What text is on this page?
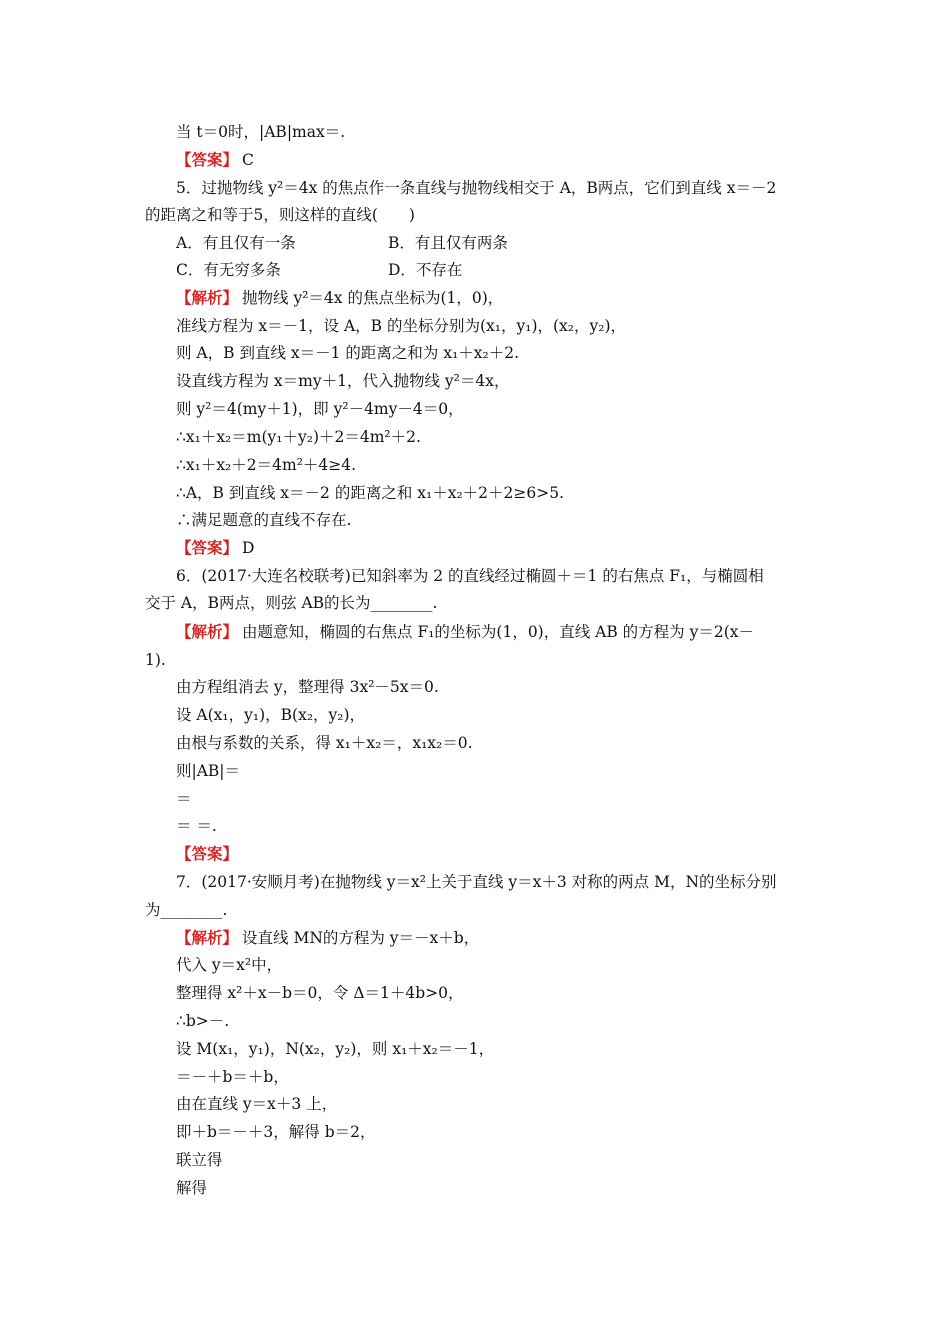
当 t＝0时，|AB|max＝.
【答案】 C
5．过抛物线 y²＝4x 的焦点作一条直线与抛物线相交于 A，B两点，它们到直线 x＝－2
的距离之和等于5，则这样的直线(　　)
A．有且仅有一条	B．有且仅有两条
C．有无穷多条	D．不存在
【解析】 抛物线 y²＝4x 的焦点坐标为(1，0)，
准线方程为 x＝－1，设 A，B 的坐标分别为(x₁，y₁)，(x₂，y₂)，
则 A，B 到直线 x＝－1 的距离之和为 x₁＋x₂＋2.
设直线方程为 x＝my＋1，代入抛物线 y²＝4x，
则 y²＝4(my＋1)，即 y²－4my－4＝0，
∴x₁＋x₂＝m(y₁＋y₂)＋2＝4m²＋2.
∴x₁＋x₂＋2＝4m²＋4≥4.
∴A，B 到直线 x＝－2 的距离之和 x₁＋x₂＋2＋2≥6>5.
∴满足题意的直线不存在.
【答案】 D
6．(2017·大连名校联考)已知斜率为 2 的直线经过椭圆＋＝1 的右焦点 F₁，与椭圆相
交于 A，B两点，则弦 AB的长为________.
【解析】 由题意知，椭圆的右焦点 F₁的坐标为(1，0)，直线 AB 的方程为 y＝2(x－
1).
由方程组消去 y，整理得 3x²－5x＝0.
设 A(x₁，y₁)，B(x₂，y₂)，
由根与系数的关系，得 x₁＋x₂＝，x₁x₂＝0.
则|AB|＝
＝
＝ ＝.
【答案】
7．(2017·安顺月考)在抛物线 y＝x²上关于直线 y＝x＋3 对称的两点 M，N的坐标分别
为________.
【解析】 设直线 MN的方程为 y＝－x＋b，
代入 y＝x²中，
整理得 x²＋x－b＝0，令 Δ＝1＋4b>0，
∴b>－.
设 M(x₁，y₁)，N(x₂，y₂)，则 x₁＋x₂＝－1，
＝－＋b＝＋b，
由在直线 y＝x＋3 上，
即＋b＝－＋3，解得 b＝2，
联立得
解得
